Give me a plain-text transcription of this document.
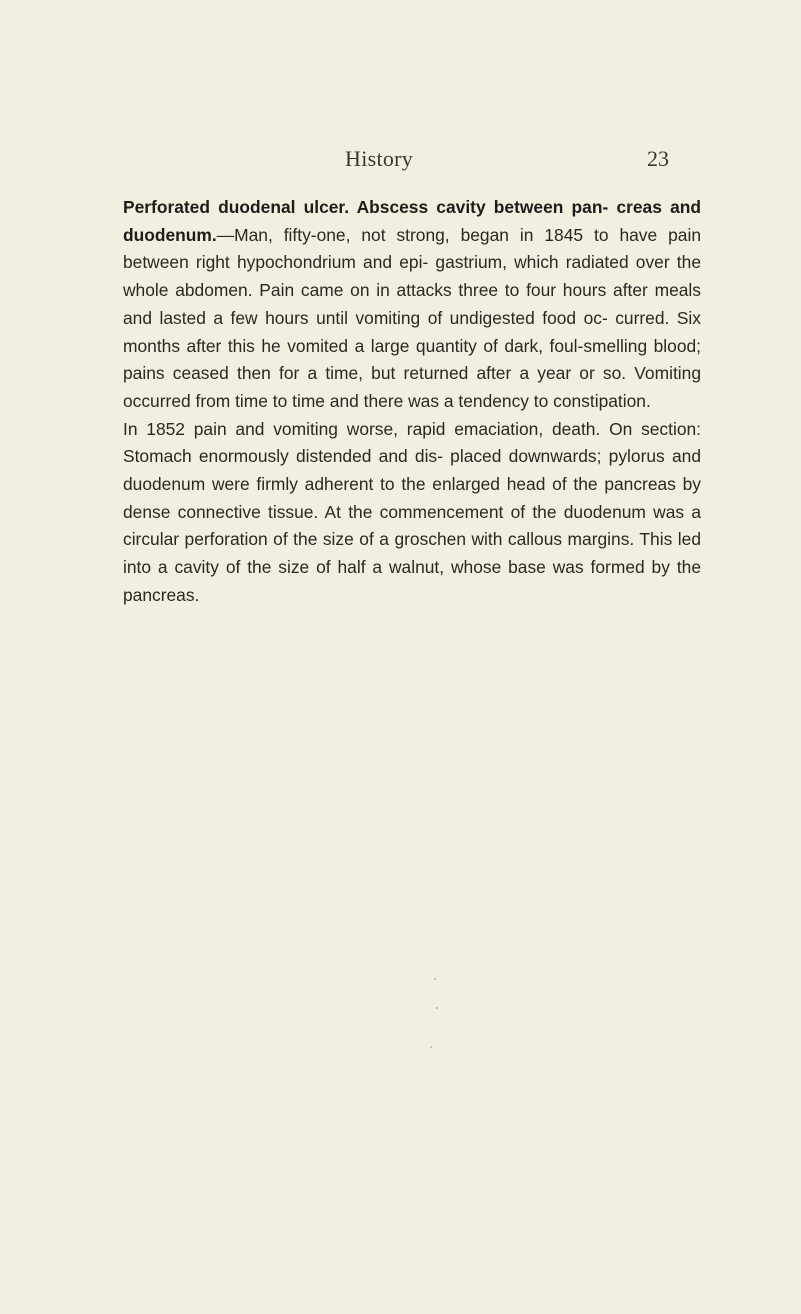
History	23

Perforated duodenal ulcer. Abscess cavity between pan- creas and duodenum.—Man, fifty-one, not strong, began in 1845 to have pain between right hypochondrium and epi- gastrium, which radiated over the whole abdomen. Pain came on in attacks three to four hours after meals and lasted a few hours until vomiting of undigested food oc- curred. Six months after this he vomited a large quantity of dark, foul-smelling blood; pains ceased then for a time, but returned after a year or so. Vomiting occurred from time to time and there was a tendency to constipation.

In 1852 pain and vomiting worse, rapid emaciation, death. On section: Stomach enormously distended and dis- placed downwards; pylorus and duodenum were firmly adherent to the enlarged head of the pancreas by dense connective tissue. At the commencement of the duodenum was a circular perforation of the size of a groschen with callous margins. This led into a cavity of the size of half a walnut, whose base was formed by the pancreas.
